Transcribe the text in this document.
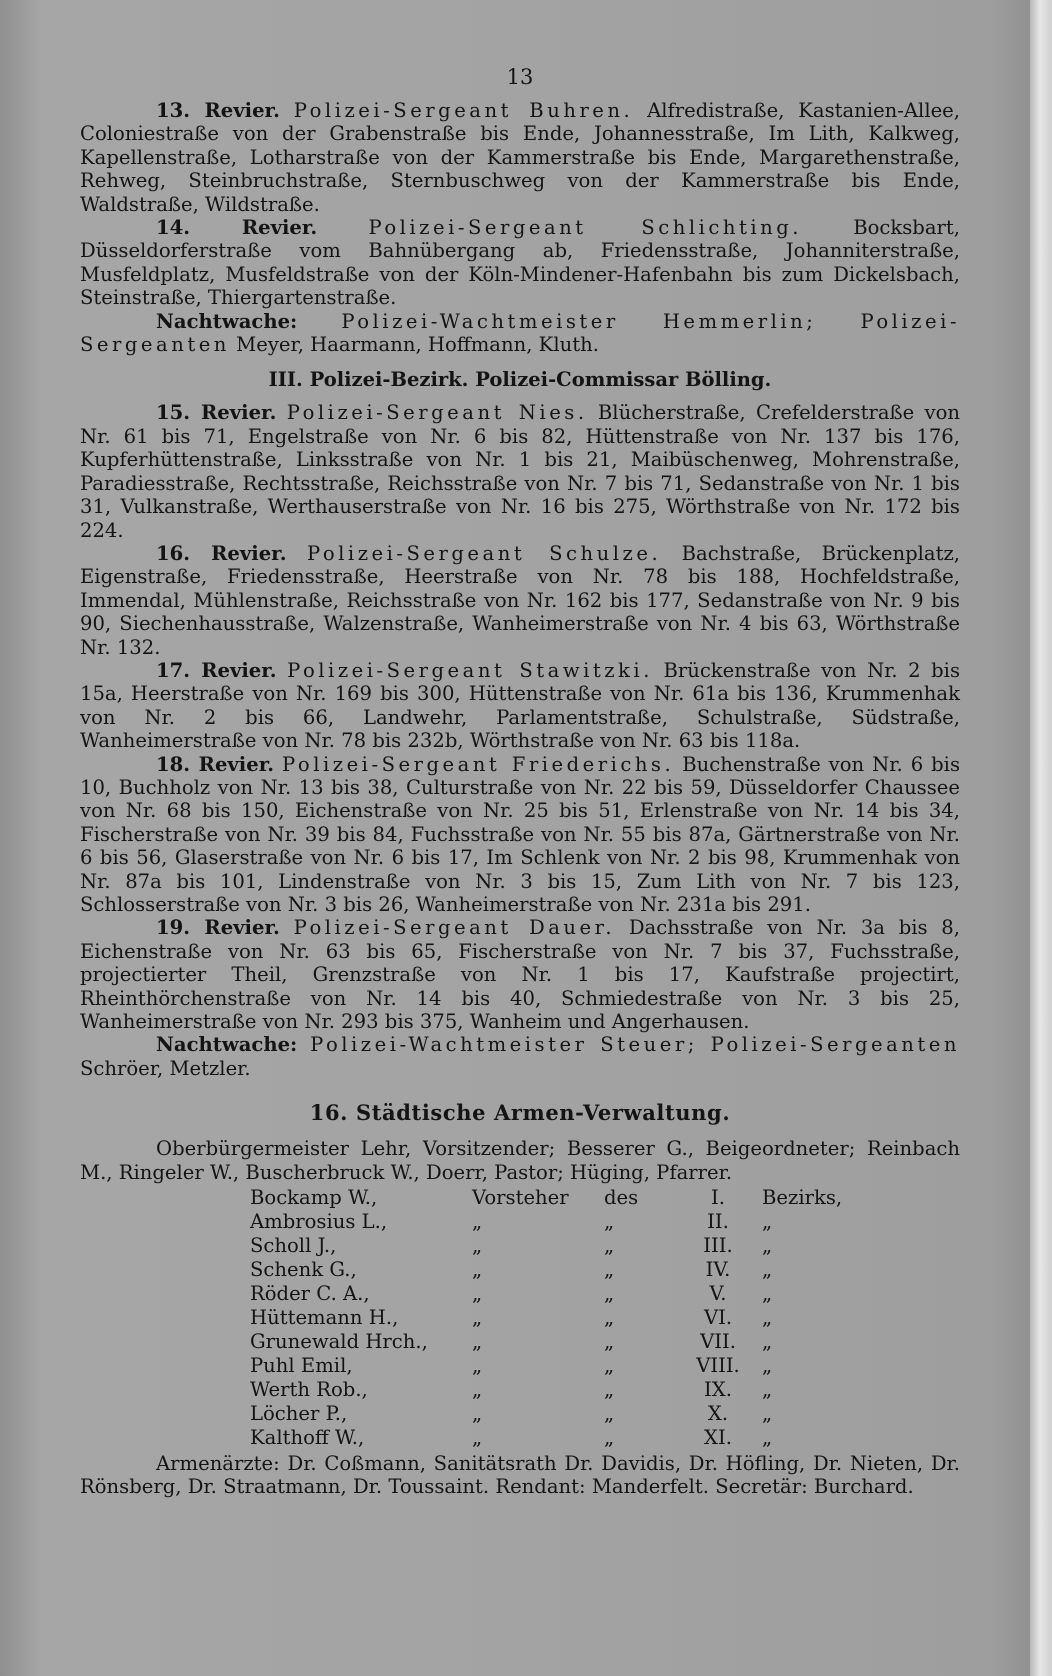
13

13. Revier. Polizei-Sergeant Buhren. Alfredistraße, Kastanien-Allee, Coloniestraße von der Grabenstraße bis Ende, Johannesstraße, Im Lith, Kalkweg, Kapellenstraße, Lotharstraße von der Kammerstraße bis Ende, Margarethenstraße, Rehweg, Steinbruchstraße, Sternbuschweg von der Kammerstraße bis Ende, Waldstraße, Wildstraße.

14. Revier.	Polizei-Sergeant Schlichting.	Bocksbart, Düsseldorferstraße vom Bahnübergang ab, Friedensstraße, Johanniterstraße, Musfeldplatz, Musfeldstraße von der Köln-Mindener-Hafenbahn bis zum Dickelsbach, Steinstraße, Thiergartenstraße.

Nachtwache: Polizei-Wachtmeister Hemmerlin; Polizei-Sergeanten Meyer, Haarmann, Hoffmann, Kluth.

III. Polizei-Bezirk. Polizei-Commissar Bölling.

15. Revier. Polizei-Sergeant Nies. Blücherstraße, Crefelderstraße von Nr. 61 bis 71, Engelstraße von Nr. 6 bis 82, Hüttenstraße von Nr. 137 bis 176, Kupferhüttenstraße, Linksstraße von Nr. 1 bis 21, Maibüschenweg, Mohrenstraße, Paradiesstraße, Rechtsstraße, Reichsstraße von Nr. 7 bis 71, Sedanstraße von Nr. 1 bis 31, Vulkanstraße, Werthauserstraße von Nr. 16 bis 275, Wörthstraße von Nr. 172 bis 224.

16. Revier. Polizei-Sergeant Schulze. Bachstraße, Brückenplatz, Eigenstraße, Friedensstraße, Heerstraße von Nr. 78 bis 188, Hochfeldstraße, Immendal, Mühlenstraße, Reichsstraße von Nr. 162 bis 177, Sedanstraße von Nr. 9 bis 90, Siechenhausstraße, Walzenstraße, Wanheimerstraße von Nr. 4 bis 63, Wörthstraße Nr. 132.

17. Revier. Polizei-Sergeant Stawitzki. Brückenstraße von Nr. 2 bis 15a, Heerstraße von Nr. 169 bis 300, Hüttenstraße von Nr. 61a bis 136, Krummenhak von Nr. 2 bis 66, Landwehr, Parlamentstraße, Schulstraße, Südstraße, Wanheimerstraße von Nr. 78 bis 232b, Wörthstraße von Nr. 63 bis 118a.

18. Revier. Polizei-Sergeant Friederichs. Buchenstraße von Nr. 6 bis 10, Buchholz von Nr. 13 bis 38, Culturstraße von Nr. 22 bis 59, Düsseldorfer Chaussee von Nr. 68 bis 150, Eichenstraße von Nr. 25 bis 51, Erlenstraße von Nr. 14 bis 34, Fischerstraße von Nr. 39 bis 84, Fuchsstraße von Nr. 55 bis 87a, Gärtnerstraße von Nr. 6 bis 56, Glaserstraße von Nr. 6 bis 17, Im Schlenk von Nr. 2 bis 98, Krummenhak von Nr. 87a bis 101, Lindenstraße von Nr. 3 bis 15, Zum Lith von Nr. 7 bis 123, Schlosserstraße von Nr. 3 bis 26, Wanheimerstraße von Nr. 231a bis 291.

19. Revier. Polizei-Sergeant Dauer. Dachsstraße von Nr. 3a bis 8, Eichenstraße von Nr. 63 bis 65, Fischerstraße von Nr. 7 bis 37, Fuchsstraße, projectierter Theil, Grenzstraße von Nr. 1 bis 17, Kaufstraße projectirt, Rheinthörchenstraße von Nr. 14 bis 40, Schmiedestraße von Nr. 3 bis 25, Wanheimerstraße von Nr. 293 bis 375, Wanheim und Angerhausen.

Nachtwache: Polizei-Wachtmeister Steuer; Polizei-Sergeanten Schröer, Metzler.

16. Städtische Armen-Verwaltung.

Oberbürgermeister Lehr, Vorsitzender; Besserer G., Beigeordneter; Reinbach M., Ringeler W., Buscherbruck W., Doerr, Pastor; Hüging, Pfarrer.

Bockamp W.,	Vorsteher	des	I.	Bezirks,
Ambrosius L.,	„	„	II.	„
Scholl J.,	„	„	III.	„
Schenk G.,	„	„	IV.	„
Röder C. A.,	„	„	V.	„
Hüttemann H.,	„	„	VI.	„
Grunewald Hrch.,	„	„	VII.	„
Puhl Emil,	„	„	VIII.	„
Werth Rob.,	„	„	IX.	„
Löcher P.,	„	„	X.	„
Kalthoff W.,	„	„	XI.	„

Armenärzte: Dr. Coßmann, Sanitätsrath Dr. Davidis, Dr. Höfling, Dr. Nieten, Dr. Rönsberg, Dr. Straatmann, Dr. Toussaint. Rendant: Manderfelt. Secretär: Burchard.
